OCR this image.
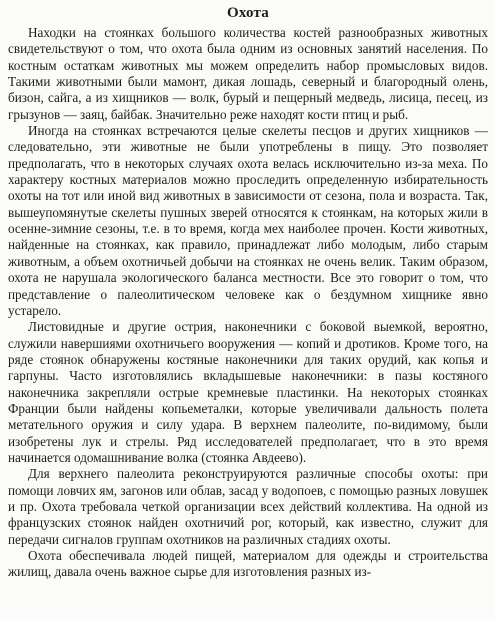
Охота

Находки на стоянках большого количества костей разнообразных животных свидетельствуют о том, что охота была одним из основных занятий населения. По костным остаткам животных мы можем определить набор промысловых видов. Такими животными были мамонт, дикая лошадь, северный и благородный олень, бизон, сайга, а из хищников — волк, бурый и пещерный медведь, лисица, песец, из грызунов — заяц, байбак. Значительно реже находят кости птиц и рыб.

Иногда на стоянках встречаются целые скелеты песцов и других хищников — следовательно, эти животные не были употреблены в пищу. Это позволяет предполагать, что в некоторых случаях охота велась исключительно из-за меха. По характеру костных материалов можно проследить определенную избирательность охоты на тот или иной вид животных в зависимости от сезона, пола и возраста. Так, вышеупомянутые скелеты пушных зверей относятся к стоянкам, на которых жили в осенне-зимние сезоны, т.е. в то время, когда мех наиболее прочен. Кости животных, найденные на стоянках, как правило, принадлежат либо молодым, либо старым животным, а объем охотничьей добычи на стоянках не очень велик. Таким образом, охота не нарушала экологического баланса местности. Все это говорит о том, что представление о палеолитическом человеке как о бездумном хищнике явно устарело.

Листовидные и другие острия, наконечники с боковой выемкой, вероятно, служили навершиями охотничьего вооружения — копий и дротиков. Кроме того, на ряде стоянок обнаружены костяные наконечники для таких орудий, как копья и гарпуны. Часто изготовлялись вкладышевые наконечники: в пазы костяного наконечника закрепляли острые кремневые пластинки. На некоторых стоянках Франции были найдены копьеметалки, которые увеличивали дальность полета метательного оружия и силу удара. В верхнем палеолите, по-видимому, были изобретены лук и стрелы. Ряд исследователей предполагает, что в это время начинается одомашнивание волка (стоянка Авдеево).

Для верхнего палеолита реконструируются различные способы охоты: при помощи ловчих ям, загонов или облав, засад у водопоев, с помощью разных ловушек и пр. Охота требовала четкой организации всех действий коллектива. На одной из французских стоянок найден охотничий рог, который, как известно, служит для передачи сигналов группам охотников на различных стадиях охоты.

Охота обеспечивала людей пищей, материалом для одежды и строительства жилищ, давала очень важное сырье для изготовления разных из-
